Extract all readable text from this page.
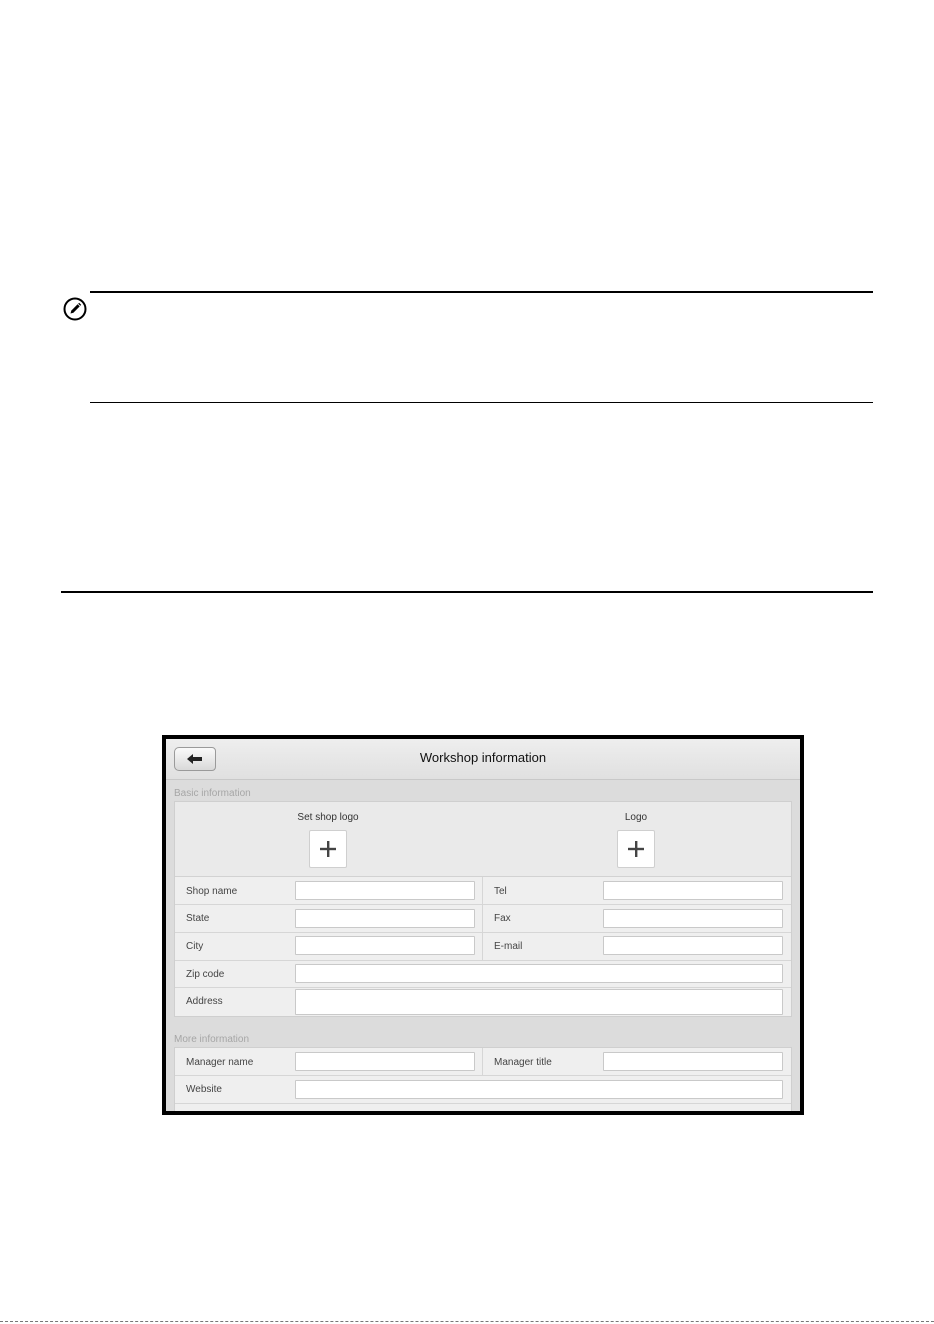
Workshop information
Basic information
Set shop logo	Logo
Shop name	Tel
State	Fax
City	E-mail
Zip code
Address
More information
Manager name	Manager title
Website
